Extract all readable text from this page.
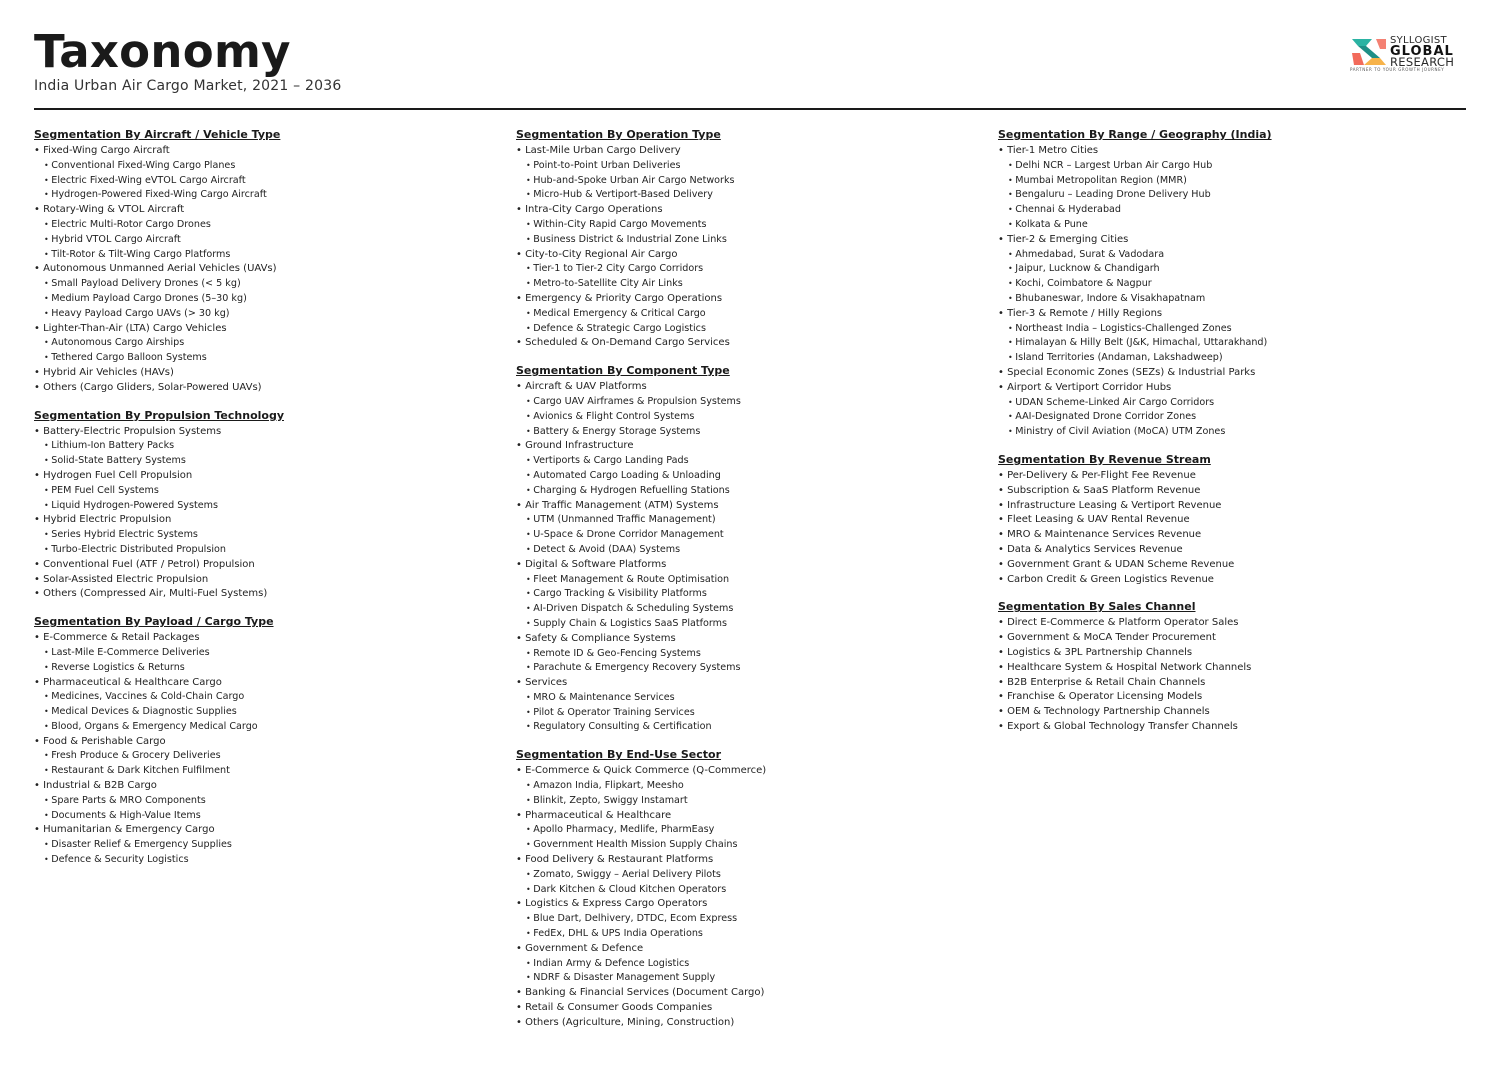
Taxonomy
India Urban Air Cargo Market, 2021 – 2036
SYLLOGIST
GLOBAL
RESEARCH
PARTNER TO YOUR GROWTH JOURNEY
Segmentation By Aircraft / Vehicle Type
• Fixed-Wing Cargo Aircraft
• Conventional Fixed-Wing Cargo Planes
• Electric Fixed-Wing eVTOL Cargo Aircraft
• Hydrogen-Powered Fixed-Wing Cargo Aircraft
• Rotary-Wing & VTOL Aircraft
• Electric Multi-Rotor Cargo Drones
• Hybrid VTOL Cargo Aircraft
• Tilt-Rotor & Tilt-Wing Cargo Platforms
• Autonomous Unmanned Aerial Vehicles (UAVs)
• Small Payload Delivery Drones (< 5 kg)
• Medium Payload Cargo Drones (5–30 kg)
• Heavy Payload Cargo UAVs (> 30 kg)
• Lighter-Than-Air (LTA) Cargo Vehicles
• Autonomous Cargo Airships
• Tethered Cargo Balloon Systems
• Hybrid Air Vehicles (HAVs)
• Others (Cargo Gliders, Solar-Powered UAVs)
Segmentation By Propulsion Technology
• Battery-Electric Propulsion Systems
• Lithium-Ion Battery Packs
• Solid-State Battery Systems
• Hydrogen Fuel Cell Propulsion
• PEM Fuel Cell Systems
• Liquid Hydrogen-Powered Systems
• Hybrid Electric Propulsion
• Series Hybrid Electric Systems
• Turbo-Electric Distributed Propulsion
• Conventional Fuel (ATF / Petrol) Propulsion
• Solar-Assisted Electric Propulsion
• Others (Compressed Air, Multi-Fuel Systems)
Segmentation By Payload / Cargo Type
• E-Commerce & Retail Packages
• Last-Mile E-Commerce Deliveries
• Reverse Logistics & Returns
• Pharmaceutical & Healthcare Cargo
• Medicines, Vaccines & Cold-Chain Cargo
• Medical Devices & Diagnostic Supplies
• Blood, Organs & Emergency Medical Cargo
• Food & Perishable Cargo
• Fresh Produce & Grocery Deliveries
• Restaurant & Dark Kitchen Fulfilment
• Industrial & B2B Cargo
• Spare Parts & MRO Components
• Documents & High-Value Items
• Humanitarian & Emergency Cargo
• Disaster Relief & Emergency Supplies
• Defence & Security Logistics
Segmentation By Operation Type
• Last-Mile Urban Cargo Delivery
• Point-to-Point Urban Deliveries
• Hub-and-Spoke Urban Air Cargo Networks
• Micro-Hub & Vertiport-Based Delivery
• Intra-City Cargo Operations
• Within-City Rapid Cargo Movements
• Business District & Industrial Zone Links
• City-to-City Regional Air Cargo
• Tier-1 to Tier-2 City Cargo Corridors
• Metro-to-Satellite City Air Links
• Emergency & Priority Cargo Operations
• Medical Emergency & Critical Cargo
• Defence & Strategic Cargo Logistics
• Scheduled & On-Demand Cargo Services
Segmentation By Component Type
• Aircraft & UAV Platforms
• Cargo UAV Airframes & Propulsion Systems
• Avionics & Flight Control Systems
• Battery & Energy Storage Systems
• Ground Infrastructure
• Vertiports & Cargo Landing Pads
• Automated Cargo Loading & Unloading
• Charging & Hydrogen Refuelling Stations
• Air Traffic Management (ATM) Systems
• UTM (Unmanned Traffic Management)
• U-Space & Drone Corridor Management
• Detect & Avoid (DAA) Systems
• Digital & Software Platforms
• Fleet Management & Route Optimisation
• Cargo Tracking & Visibility Platforms
• AI-Driven Dispatch & Scheduling Systems
• Supply Chain & Logistics SaaS Platforms
• Safety & Compliance Systems
• Remote ID & Geo-Fencing Systems
• Parachute & Emergency Recovery Systems
• Services
• MRO & Maintenance Services
• Pilot & Operator Training Services
• Regulatory Consulting & Certification
Segmentation By End-Use Sector
• E-Commerce & Quick Commerce (Q-Commerce)
• Amazon India, Flipkart, Meesho
• Blinkit, Zepto, Swiggy Instamart
• Pharmaceutical & Healthcare
• Apollo Pharmacy, Medlife, PharmEasy
• Government Health Mission Supply Chains
• Food Delivery & Restaurant Platforms
• Zomato, Swiggy – Aerial Delivery Pilots
• Dark Kitchen & Cloud Kitchen Operators
• Logistics & Express Cargo Operators
• Blue Dart, Delhivery, DTDC, Ecom Express
• FedEx, DHL & UPS India Operations
• Government & Defence
• Indian Army & Defence Logistics
• NDRF & Disaster Management Supply
• Banking & Financial Services (Document Cargo)
• Retail & Consumer Goods Companies
• Others (Agriculture, Mining, Construction)
Segmentation By Range / Geography (India)
• Tier-1 Metro Cities
• Delhi NCR – Largest Urban Air Cargo Hub
• Mumbai Metropolitan Region (MMR)
• Bengaluru – Leading Drone Delivery Hub
• Chennai & Hyderabad
• Kolkata & Pune
• Tier-2 & Emerging Cities
• Ahmedabad, Surat & Vadodara
• Jaipur, Lucknow & Chandigarh
• Kochi, Coimbatore & Nagpur
• Bhubaneswar, Indore & Visakhapatnam
• Tier-3 & Remote / Hilly Regions
• Northeast India – Logistics-Challenged Zones
• Himalayan & Hilly Belt (J&K, Himachal, Uttarakhand)
• Island Territories (Andaman, Lakshadweep)
• Special Economic Zones (SEZs) & Industrial Parks
• Airport & Vertiport Corridor Hubs
• UDAN Scheme-Linked Air Cargo Corridors
• AAI-Designated Drone Corridor Zones
• Ministry of Civil Aviation (MoCA) UTM Zones
Segmentation By Revenue Stream
• Per-Delivery & Per-Flight Fee Revenue
• Subscription & SaaS Platform Revenue
• Infrastructure Leasing & Vertiport Revenue
• Fleet Leasing & UAV Rental Revenue
• MRO & Maintenance Services Revenue
• Data & Analytics Services Revenue
• Government Grant & UDAN Scheme Revenue
• Carbon Credit & Green Logistics Revenue
Segmentation By Sales Channel
• Direct E-Commerce & Platform Operator Sales
• Government & MoCA Tender Procurement
• Logistics & 3PL Partnership Channels
• Healthcare System & Hospital Network Channels
• B2B Enterprise & Retail Chain Channels
• Franchise & Operator Licensing Models
• OEM & Technology Partnership Channels
• Export & Global Technology Transfer Channels
